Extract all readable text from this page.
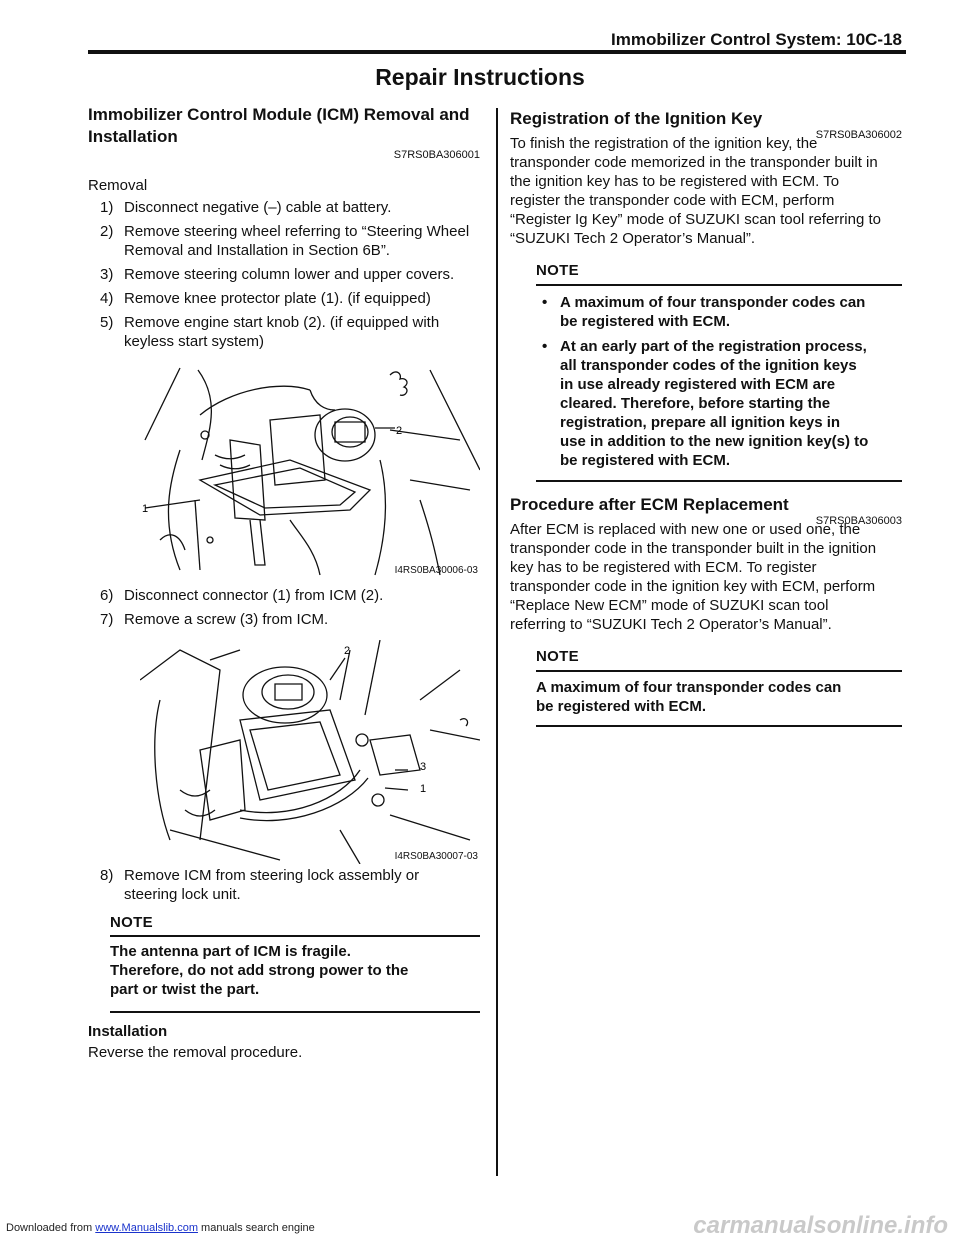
Immobilizer Control System: 10C-18
Repair Instructions
Immobilizer Control Module (ICM) Removal and
Installation
S7RS0BA306001
Removal
1) Disconnect negative (–) cable at battery.
2) Remove steering wheel referring to “Steering Wheel
Removal and Installation in Section 6B”.
3) Remove steering column lower and upper covers.
4) Remove knee protector plate (1). (if equipped)
5) Remove engine start knob (2). (if equipped with
keyless start system)
1
2
I4RS0BA30006-03
6) Disconnect connector (1) from ICM (2).
7) Remove a screw (3) from ICM.
2
3
1
I4RS0BA30007-03
8) Remove ICM from steering lock assembly or
steering lock unit.
NOTE
The antenna part of ICM is fragile.
Therefore, do not add strong power to the
part or twist the part.
Installation
Reverse the removal procedure.
Registration of the Ignition Key
S7RS0BA306002
To finish the registration of the ignition key, the
transponder code memorized in the transponder built in
the ignition key has to be registered with ECM. To
register the transponder code with ECM, perform
“Register Ig Key” mode of SUZUKI scan tool referring to
“SUZUKI Tech 2 Operator’s Manual”.
NOTE
• A maximum of four transponder codes can
be registered with ECM.
• At an early part of the registration process,
all transponder codes of the ignition keys
in use already registered with ECM are
cleared. Therefore, before starting the
registration, prepare all ignition keys in
use in addition to the new ignition key(s) to
be registered with ECM.
Procedure after ECM Replacement
S7RS0BA306003
After ECM is replaced with new one or used one, the
transponder code in the transponder built in the ignition
key has to be registered with ECM. To register
transponder code in the ignition key with ECM, perform
“Replace New ECM” mode of SUZUKI scan tool
referring to “SUZUKI Tech 2 Operator’s Manual”.
NOTE
A maximum of four transponder codes can
be registered with ECM.
Downloaded from www.Manualslib.com manuals search engine	carmanualsonline.info
